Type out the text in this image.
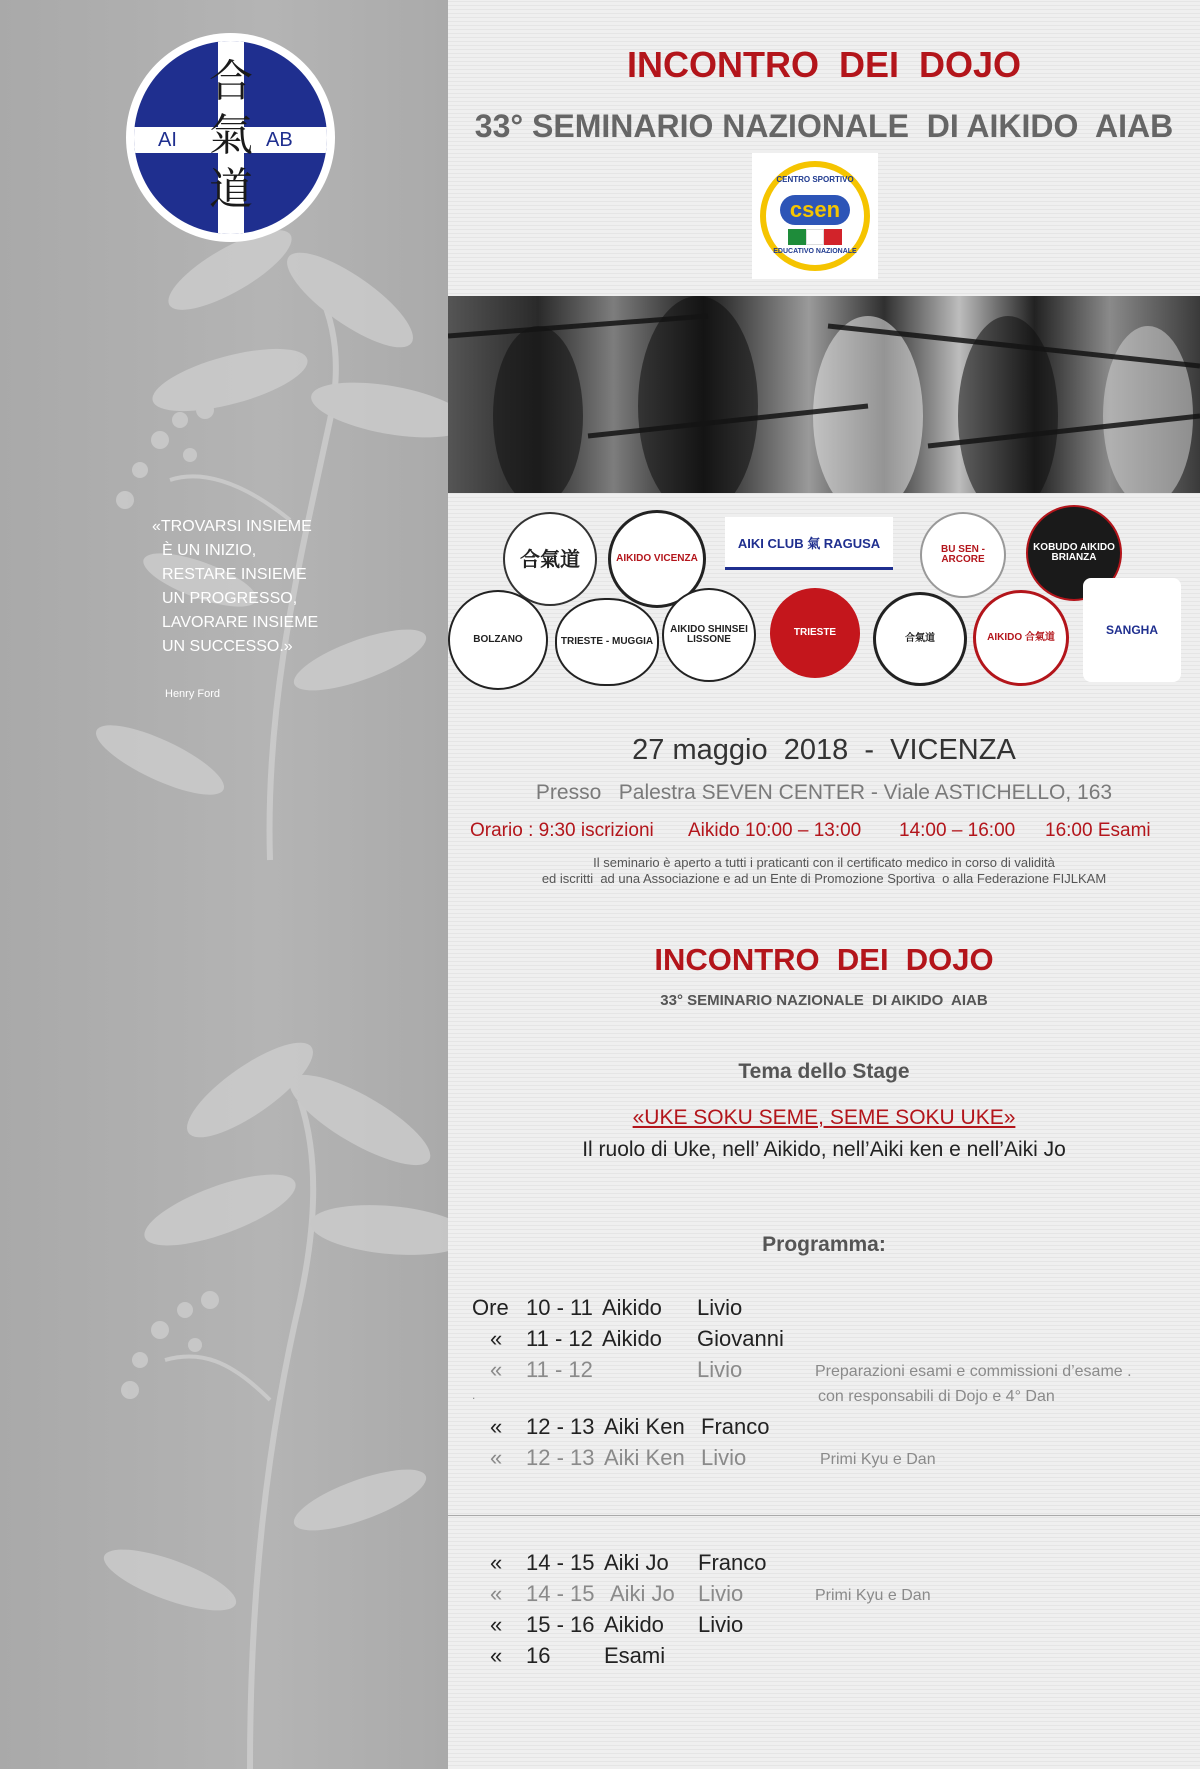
合氣道
AI	AB
«TROVARSI INSIEME
È UN INIZIO,
RESTARE INSIEME
UN PROGRESSO,
LAVORARE INSIEME
UN SUCCESSO.»
Henry Ford
INCONTRO  DEI  DOJO
33° SEMINARIO NAZIONALE  DI AIKIDO  AIAB
CENTRO SPORTIVO
csen
EDUCATIVO NAZIONALE
合氣道	AIKIDO VICENZA
AIKI CLUB 氣 RAGUSA	BU SEN - ARCORE
KOBUDO AIKIDO BRIANZA
BOLZANO	TRIESTE - MUGGIA
AIKIDO SHINSEI LISSONE
TRIESTE
合氣道	AIKIDO 合氣道
SANGHA
27 maggio  2018  -  VICENZA
Presso   Palestra SEVEN CENTER - Viale ASTICHELLO, 163
Orario : 9:30 iscrizioni Aikido 10:00 – 13:00 14:00 – 16:00 16:00 Esami
Il seminario è aperto a tutti i praticanti con il certificato medico in corso di validità
ed iscritti  ad una Associazione e ad un Ente di Promozione Sportiva  o alla Federazione FIJLKAM
INCONTRO  DEI  DOJO
33° SEMINARIO NAZIONALE  DI AIKIDO  AIAB
Tema dello Stage
«UKE SOKU SEME, SEME SOKU UKE»
Il ruolo di Uke, nell’ Aikido, nell’Aiki ken e nell’Aiki Jo
Programma:
Ore 10 - 11 Aikido Livio
« 11 - 12 Aikido Giovanni
« 11 - 12	Livio	Preparazioni esami e commissioni d’esame .
con responsabili di Dojo e 4° Dan
.
« 12 - 13 Aiki Ken Franco
« 12 - 13 Aiki Ken Livio	Primi Kyu e Dan
« 14 - 15 Aiki Jo Franco
« 14 - 15 Aiki Jo Livio	Primi Kyu e Dan
« 15 - 16 Aikido Livio
« 16 Esami
